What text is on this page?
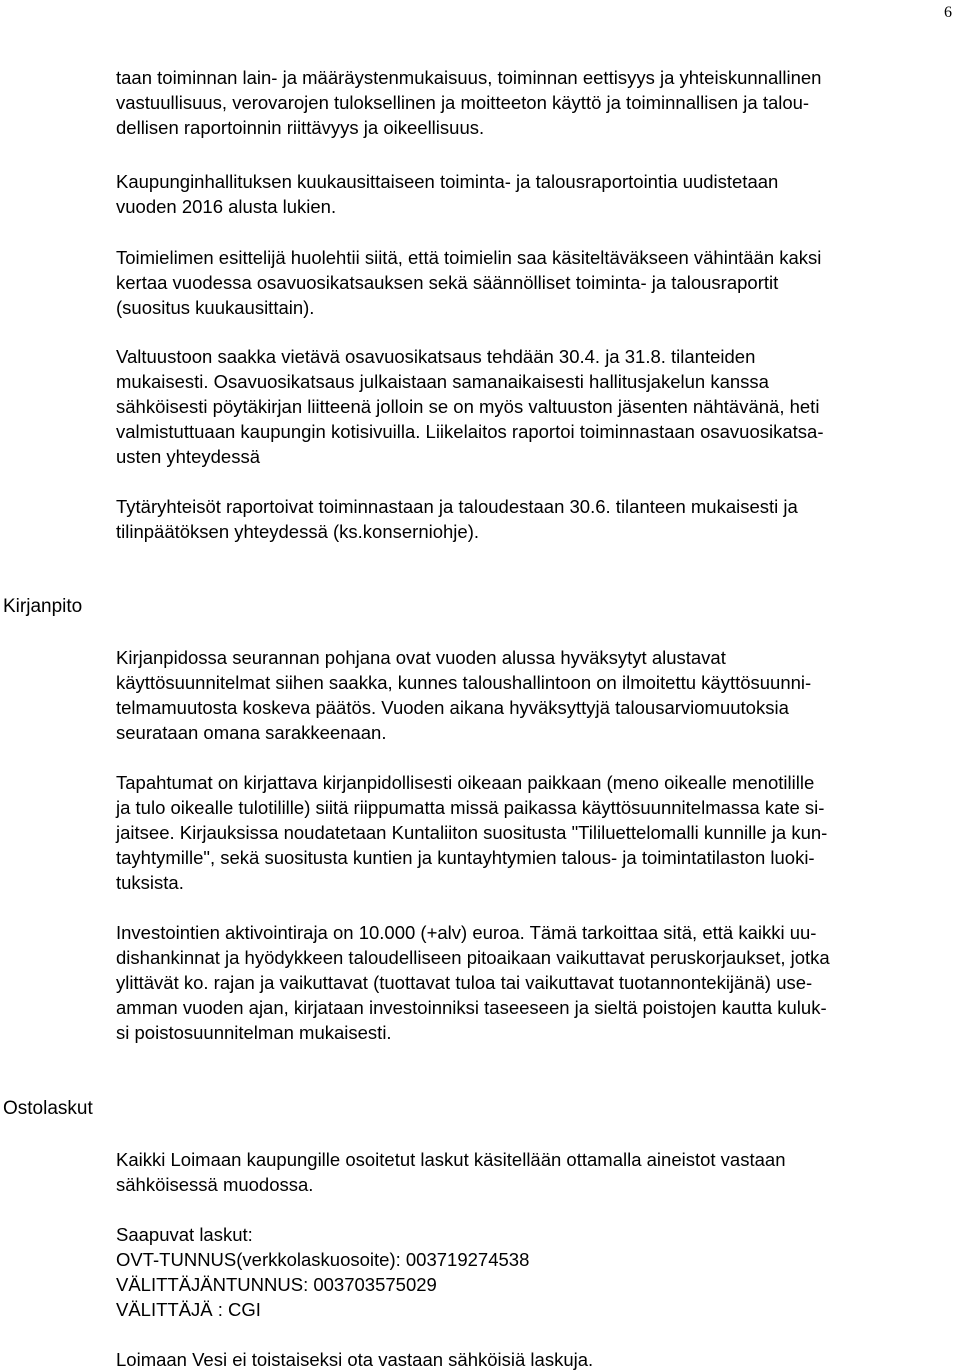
6
taan toiminnan lain- ja määräystenmukaisuus, toiminnan eettisyys ja yhteiskunnallinen
vastuullisuus, verovarojen tuloksellinen ja moitteeton käyttö ja toiminnallisen ja talou-
dellisen raportoinnin riittävyys ja oikeellisuus.
Kaupunginhallituksen kuukausittaiseen toiminta- ja talousraportointia uudistetaan
vuoden 2016 alusta lukien.
Toimielimen esittelijä huolehtii siitä, että toimielin saa käsiteltäväkseen vähintään kaksi
kertaa vuodessa osavuosikatsauksen sekä säännölliset toiminta- ja talousraportit
(suositus kuukausittain).
Valtuustoon saakka vietävä osavuosikatsaus tehdään 30.4. ja 31.8. tilanteiden
mukaisesti. Osavuosikatsaus julkaistaan samanaikaisesti hallitusjakelun kanssa
sähköisesti pöytäkirjan liitteenä jolloin se on myös valtuuston jäsenten nähtävänä, heti
valmistuttuaan kaupungin kotisivuilla. Liikelaitos raportoi toiminnastaan osavuosikatsa-
usten yhteydessä
Tytäryhteisöt raportoivat toiminnastaan ja taloudestaan 30.6. tilanteen mukaisesti ja
tilinpäätöksen yhteydessä (ks.konserniohje).
Kirjanpito
Kirjanpidossa seurannan pohjana ovat vuoden alussa hyväksytyt alustavat
käyttösuunnitelmat siihen saakka, kunnes taloushallintoon on ilmoitettu käyttösuunni-
telmamuutosta koskeva päätös. Vuoden aikana hyväksyttyjä talousarviomuutoksia
seurataan omana sarakkeenaan.
Tapahtumat on kirjattava kirjanpidollisesti oikeaan paikkaan (meno oikealle menotilille
ja tulo oikealle tulotilille) siitä riippumatta missä paikassa käyttösuunnitelmassa kate si-
jaitsee. Kirjauksissa noudatetaan Kuntaliiton suositusta "Tililuettelomalli kunnille ja kun-
tayhtymille", sekä suositusta kuntien ja kuntayhtymien talous- ja toimintatilaston luoki-
tuksista.
Investointien aktivointiraja on 10.000 (+alv) euroa. Tämä tarkoittaa sitä, että kaikki uu-
dishankinnat ja hyödykkeen taloudelliseen pitoaikaan vaikuttavat peruskorjaukset, jotka
ylittävät ko. rajan ja vaikuttavat (tuottavat tuloa tai vaikuttavat tuotannontekijänä) use-
amman vuoden ajan, kirjataan investoinniksi taseeseen ja sieltä poistojen kautta kuluk-
si poistosuunnitelman mukaisesti.
Ostolaskut
Kaikki Loimaan kaupungille osoitetut laskut käsitellään ottamalla aineistot vastaan
sähköisessä muodossa.
Saapuvat laskut:
OVT-TUNNUS(verkkolaskuosoite): 003719274538
VÄLITTÄJÄNTUNNUS: 003703575029
VÄLITTÄJÄ : CGI
Loimaan Vesi ei toistaiseksi ota vastaan sähköisiä laskuja.
